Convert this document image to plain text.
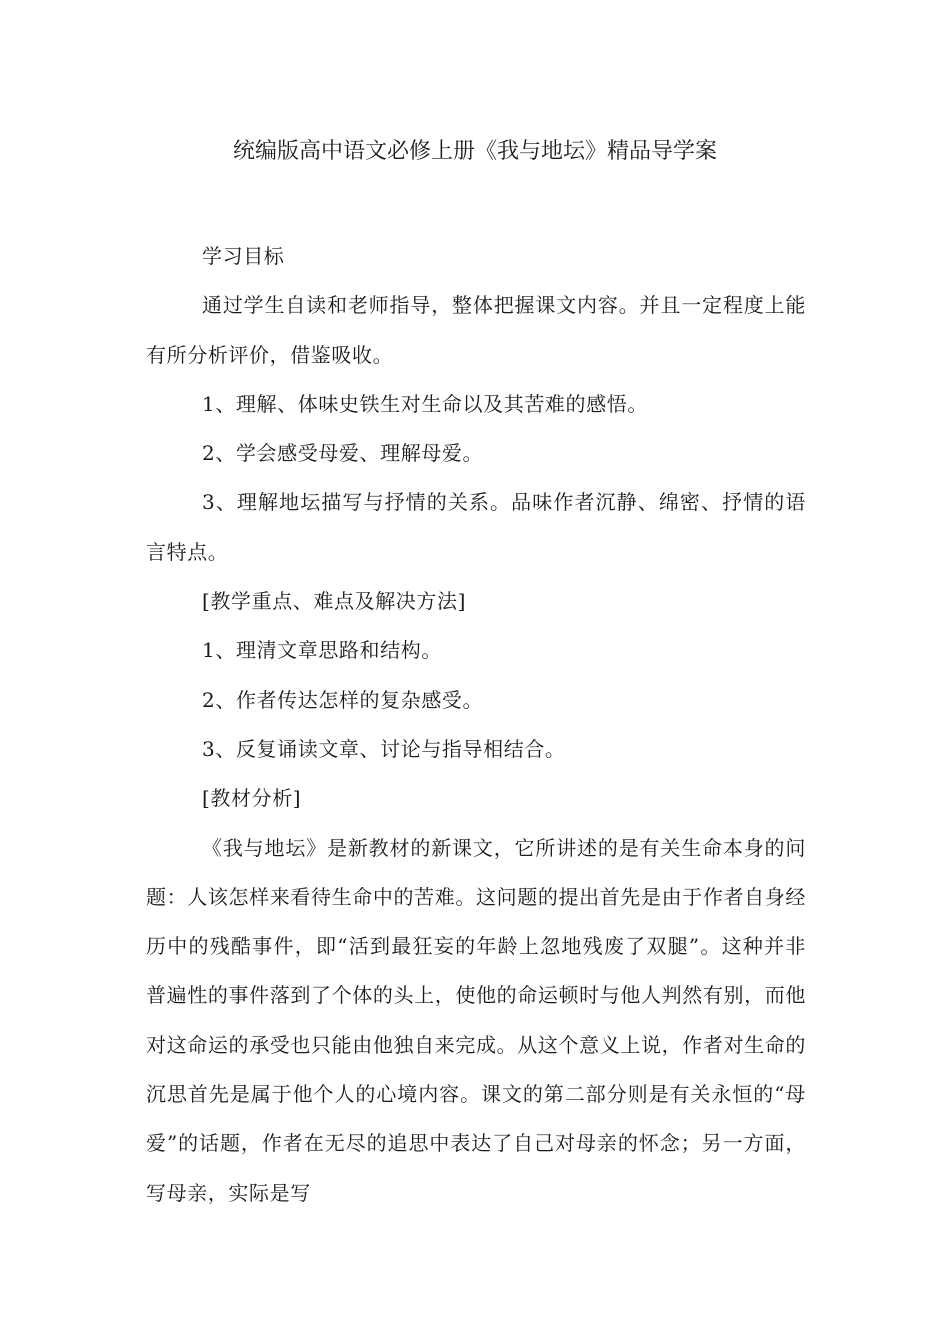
统编版高中语文必修上册《我与地坛》精品导学案

学习目标

通过学生自读和老师指导，整体把握课文内容。并且一定程度上能有所分析评价，借鉴吸收。

1、理解、体味史铁生对生命以及其苦难的感悟。

2、学会感受母爱、理解母爱。

3、理解地坛描写与抒情的关系。品味作者沉静、绵密、抒情的语言特点。

[教学重点、难点及解决方法]

1、理清文章思路和结构。

2、作者传达怎样的复杂感受。

3、反复诵读文章、讨论与指导相结合。

[教材分析]

《我与地坛》是新教材的新课文，它所讲述的是有关生命本身的问题：人该怎样来看待生命中的苦难。这问题的提出首先是由于作者自身经历中的残酷事件，即“活到最狂妄的年龄上忽地残废了双腿”。这种并非普遍性的事件落到了个体的头上，使他的命运顿时与他人判然有别，而他对这命运的承受也只能由他独自来完成。从这个意义上说，作者对生命的沉思首先是属于他个人的心境内容。课文的第二部分则是有关永恒的“母爱”的话题，作者在无尽的追思中表达了自己对母亲的怀念；另一方面，写母亲，实际是写
